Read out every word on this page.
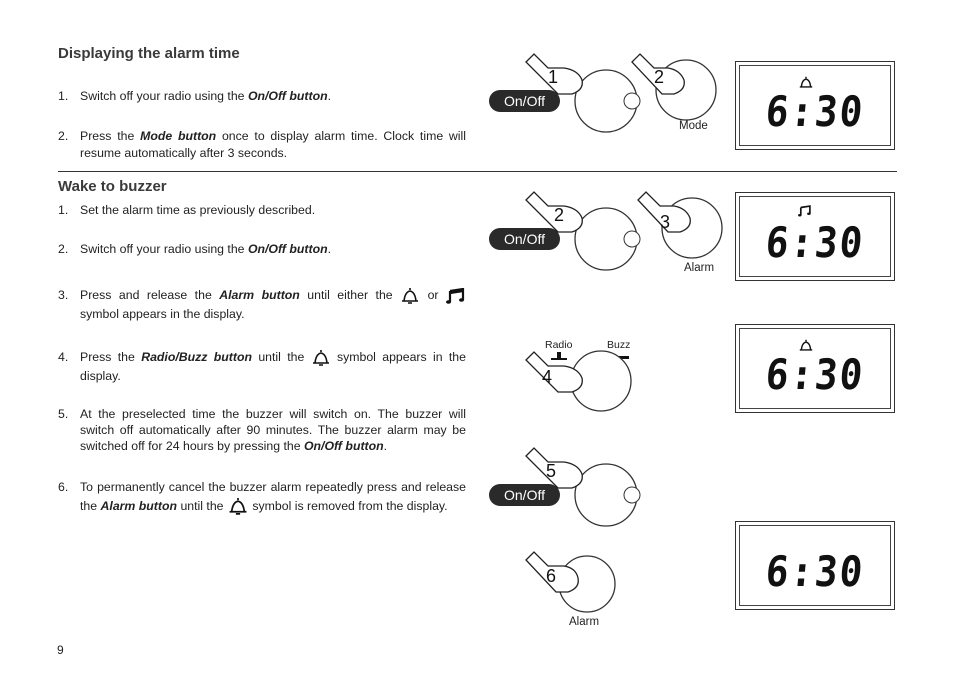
Displaying the alarm time
1. Switch off your radio using the On/Off button.
2. Press the Mode button once to display alarm time. Clock time will resume automatically after 3 seconds.
Wake to buzzer
1. Set the alarm time as previously described.
2. Switch off your radio using the On/Off button.
3. Press and release the Alarm button until either the  or
symbol appears in the display.
4. Press the Radio/Buzz button until the  symbol appears in the display.
5. At the preselected time the buzzer will switch on. The buzzer will switch off automatically after 90 minutes. The buzzer alarm may be switched off for 24 hours by pressing the On/Off button.
6. To permanently cancel the buzzer alarm repeatedly press and release the Alarm button until the  symbol is removed from the display.
9
On/Off
1	2
Mode	6:30
On/Off
2	3
Alarm
6:30
Radio	Buzz
4	6:30
On/Off
5
6
Alarm
6:30
